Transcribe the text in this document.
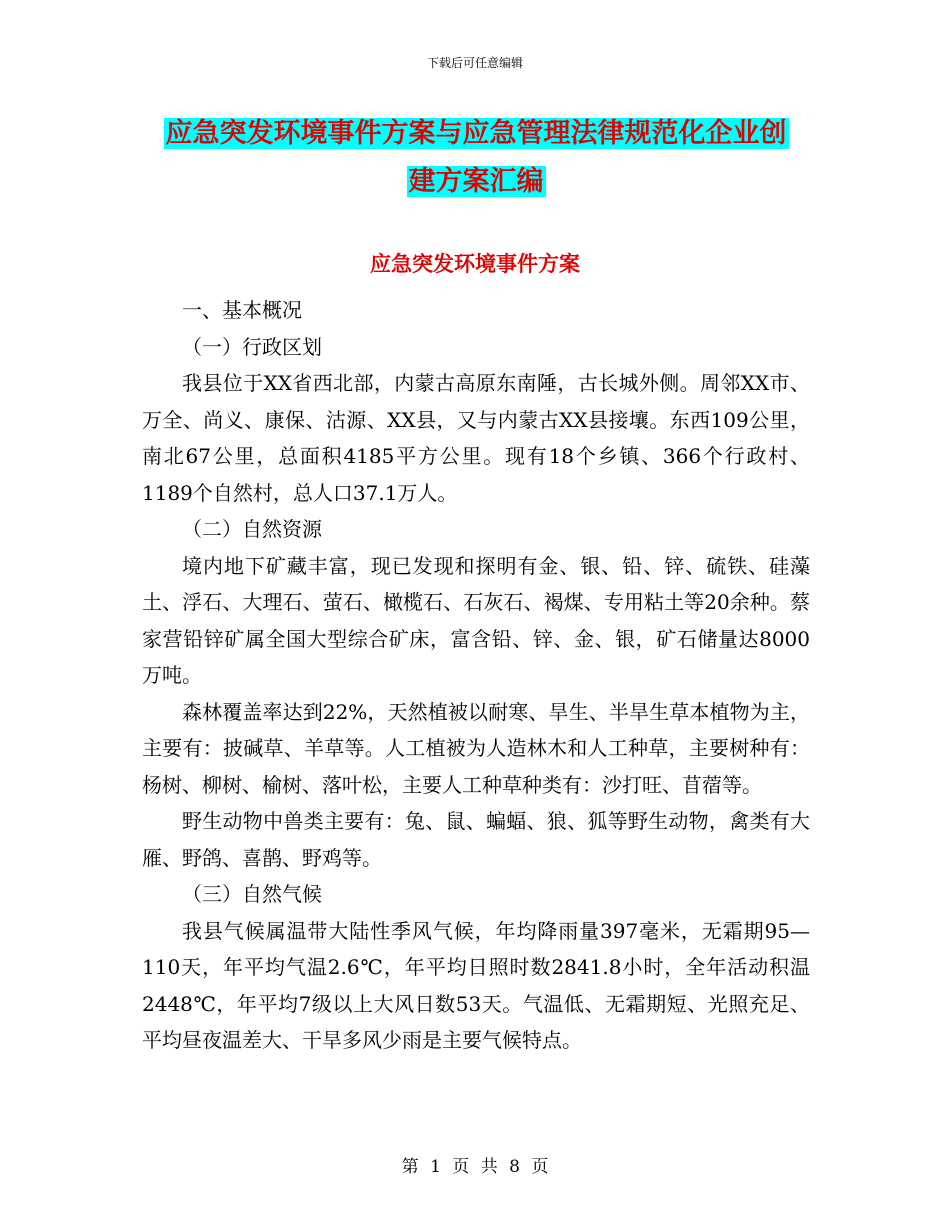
下载后可任意编辑
应急突发环境事件方案与应急管理法律规范化企业创
建方案汇编
应急突发环境事件方案

一、基本概况

（一）行政区划

我县位于XX省西北部，内蒙古高原东南陲，古长城外侧。周邻XX市、万全、尚义、康保、沽源、XX县，又与内蒙古XX县接壤。东西109公里，南北67公里，总面积4185平方公里。现有18个乡镇、366个行政村、1189个自然村，总人口37.1万人。

（二）自然资源

境内地下矿藏丰富，现已发现和探明有金、银、铅、锌、硫铁、硅藻土、浮石、大理石、萤石、橄榄石、石灰石、褐煤、专用粘土等20余种。蔡家营铅锌矿属全国大型综合矿床，富含铅、锌、金、银，矿石储量达8000万吨。

森林覆盖率达到22%，天然植被以耐寒、旱生、半旱生草本植物为主，主要有：披碱草、羊草等。人工植被为人造林木和人工种草，主要树种有：杨树、柳树、榆树、落叶松，主要人工种草种类有：沙打旺、苜蓿等。

野生动物中兽类主要有：兔、鼠、蝙蝠、狼、狐等野生动物，禽类有大雁、野鸽、喜鹊、野鸡等。

（三）自然气候

我县气候属温带大陆性季风气候，年均降雨量397毫米，无霜期95—110天，年平均气温2.6℃，年平均日照时数2841.8小时，全年活动积温2448℃，年平均7级以上大风日数53天。气温低、无霜期短、光照充足、平均昼夜温差大、干旱多风少雨是主要气候特点。

第 1 页 共 8 页
